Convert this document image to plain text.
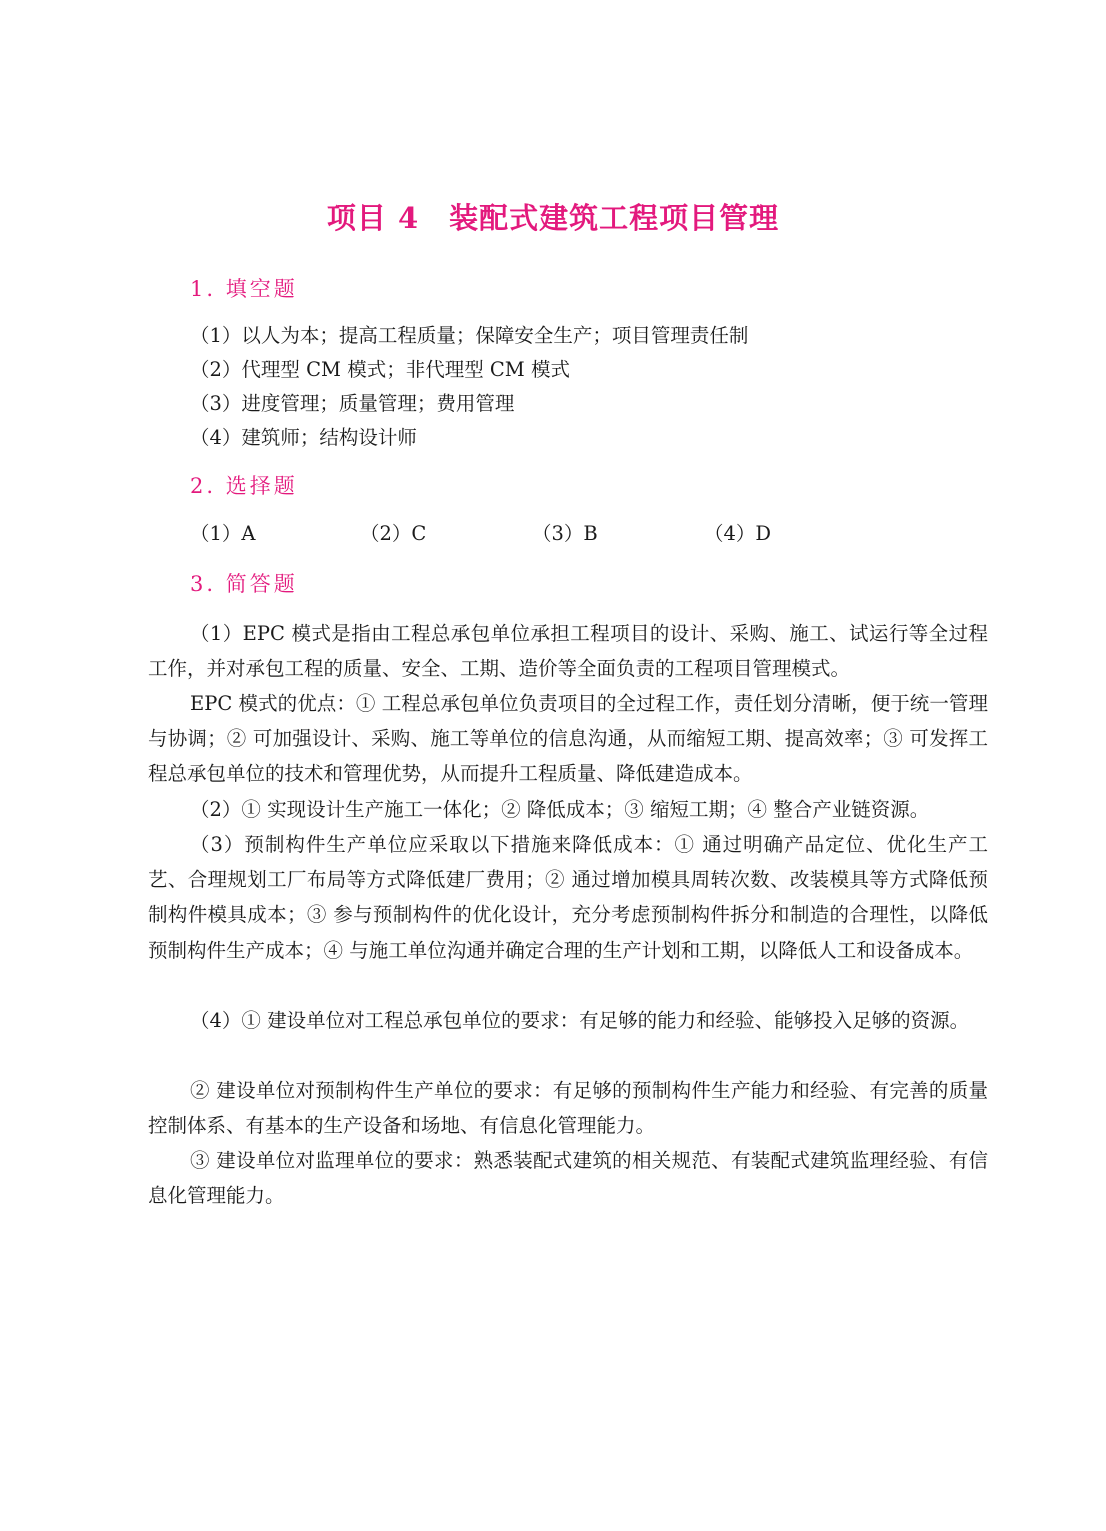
项目 4　装配式建筑工程项目管理
1. 填空题
（1）以人为本；提高工程质量；保障安全生产；项目管理责任制
（2）代理型 CM 模式；非代理型 CM 模式
（3）进度管理；质量管理；费用管理
（4）建筑师；结构设计师
2. 选择题
（1）A	（2）C	（3）B	（4）D
3. 简答题

（1）EPC 模式是指由工程总承包单位承担工程项目的设计、采购、施工、试运行等全过程工作，并对承包工程的质量、安全、工期、造价等全面负责的工程项目管理模式。

EPC 模式的优点：① 工程总承包单位负责项目的全过程工作，责任划分清晰，便于统一管理与协调；② 可加强设计、采购、施工等单位的信息沟通，从而缩短工期、提高效率；③ 可发挥工程总承包单位的技术和管理优势，从而提升工程质量、降低建造成本。

（2）① 实现设计生产施工一体化；② 降低成本；③ 缩短工期；④ 整合产业链资源。

（3）预制构件生产单位应采取以下措施来降低成本：① 通过明确产品定位、优化生产工艺、合理规划工厂布局等方式降低建厂费用；② 通过增加模具周转次数、改装模具等方式降低预制构件模具成本；③ 参与预制构件的优化设计，充分考虑预制构件拆分和制造的合理性，以降低预制构件生产成本；④ 与施工单位沟通并确定合理的生产计划和工期，以降低人工和设备成本。

（4）① 建设单位对工程总承包单位的要求：有足够的能力和经验、能够投入足够的资源。

② 建设单位对预制构件生产单位的要求：有足够的预制构件生产能力和经验、有完善的质量控制体系、有基本的生产设备和场地、有信息化管理能力。

③ 建设单位对监理单位的要求：熟悉装配式建筑的相关规范、有装配式建筑监理经验、有信息化管理能力。
